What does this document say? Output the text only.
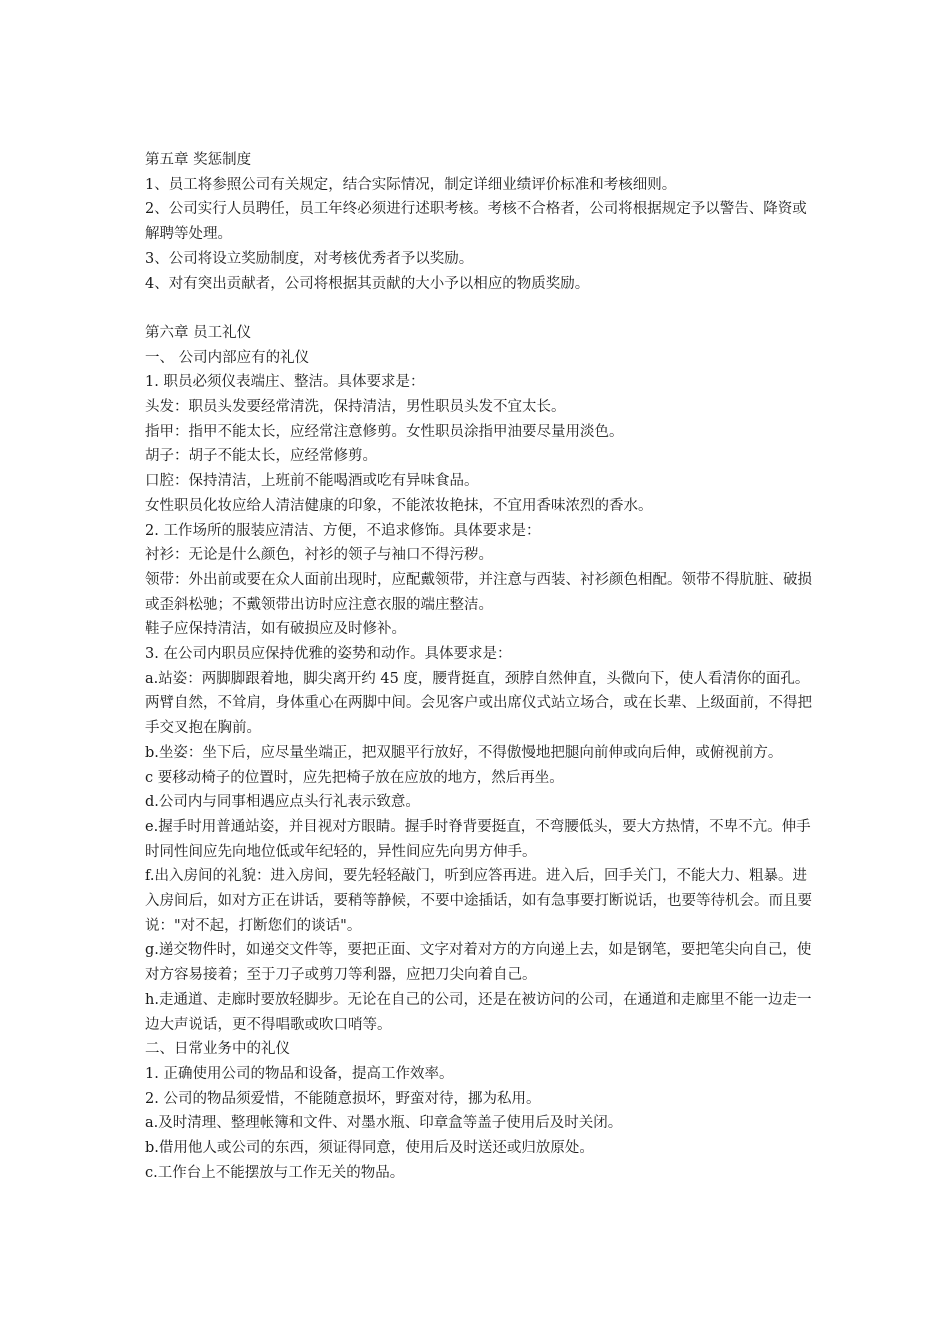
第五章 奖惩制度

1、员工将参照公司有关规定，结合实际情况，制定详细业绩评价标准和考核细则。

2、公司实行人员聘任，员工年终必须进行述职考核。考核不合格者，公司将根据规定予以警告、降资或解聘等处理。

3、公司将设立奖励制度，对考核优秀者予以奖励。

4、对有突出贡献者，公司将根据其贡献的大小予以相应的物质奖励。

第六章 员工礼仪

一、 公司内部应有的礼仪

1. 职员必须仪表端庄、整洁。具体要求是：

头发：职员头发要经常清洗，保持清洁，男性职员头发不宜太长。

指甲：指甲不能太长，应经常注意修剪。女性职员涂指甲油要尽量用淡色。

胡子：胡子不能太长，应经常修剪。

口腔：保持清洁，上班前不能喝酒或吃有异味食品。

女性职员化妆应给人清洁健康的印象，不能浓妆艳抹，不宜用香味浓烈的香水。

2. 工作场所的服装应清洁、方便，不追求修饰。具体要求是：

衬衫：无论是什么颜色，衬衫的领子与袖口不得污秽。

领带：外出前或要在众人面前出现时，应配戴领带，并注意与西装、衬衫颜色相配。领带不得肮脏、破损或歪斜松驰；不戴领带出访时应注意衣服的端庄整洁。

鞋子应保持清洁，如有破损应及时修补。

3. 在公司内职员应保持优雅的姿势和动作。具体要求是：

a.站姿：两脚脚跟着地，脚尖离开约 45 度，腰背挺直，颈脖自然伸直，头微向下，使人看清你的面孔。两臂自然，不耸肩，身体重心在两脚中间。会见客户或出席仪式站立场合，或在长辈、上级面前，不得把手交叉抱在胸前。

b.坐姿：坐下后，应尽量坐端正，把双腿平行放好，不得傲慢地把腿向前伸或向后伸，或俯视前方。

c 要移动椅子的位置时，应先把椅子放在应放的地方，然后再坐。

d.公司内与同事相遇应点头行礼表示致意。

e.握手时用普通站姿，并目视对方眼睛。握手时脊背要挺直，不弯腰低头，要大方热情，不卑不亢。伸手时同性间应先向地位低或年纪轻的，异性间应先向男方伸手。

f.出入房间的礼貌：进入房间，要先轻轻敲门，听到应答再进。进入后，回手关门，不能大力、粗暴。进入房间后，如对方正在讲话，要稍等静候，不要中途插话，如有急事要打断说话，也要等待机会。而且要说："对不起，打断您们的谈话"。

g.递交物件时，如递交文件等，要把正面、文字对着对方的方向递上去，如是钢笔，要把笔尖向自己，使对方容易接着；至于刀子或剪刀等利器，应把刀尖向着自己。

h.走通道、走廊时要放轻脚步。无论在自己的公司，还是在被访问的公司，在通道和走廊里不能一边走一边大声说话，更不得唱歌或吹口哨等。

二、日常业务中的礼仪

1. 正确使用公司的物品和设备，提高工作效率。

2. 公司的物品须爱惜，不能随意损坏，野蛮对待，挪为私用。

a.及时清理、整理帐簿和文件、对墨水瓶、印章盒等盖子使用后及时关闭。

b.借用他人或公司的东西，须证得同意，使用后及时送还或归放原处。

c.工作台上不能摆放与工作无关的物品。
